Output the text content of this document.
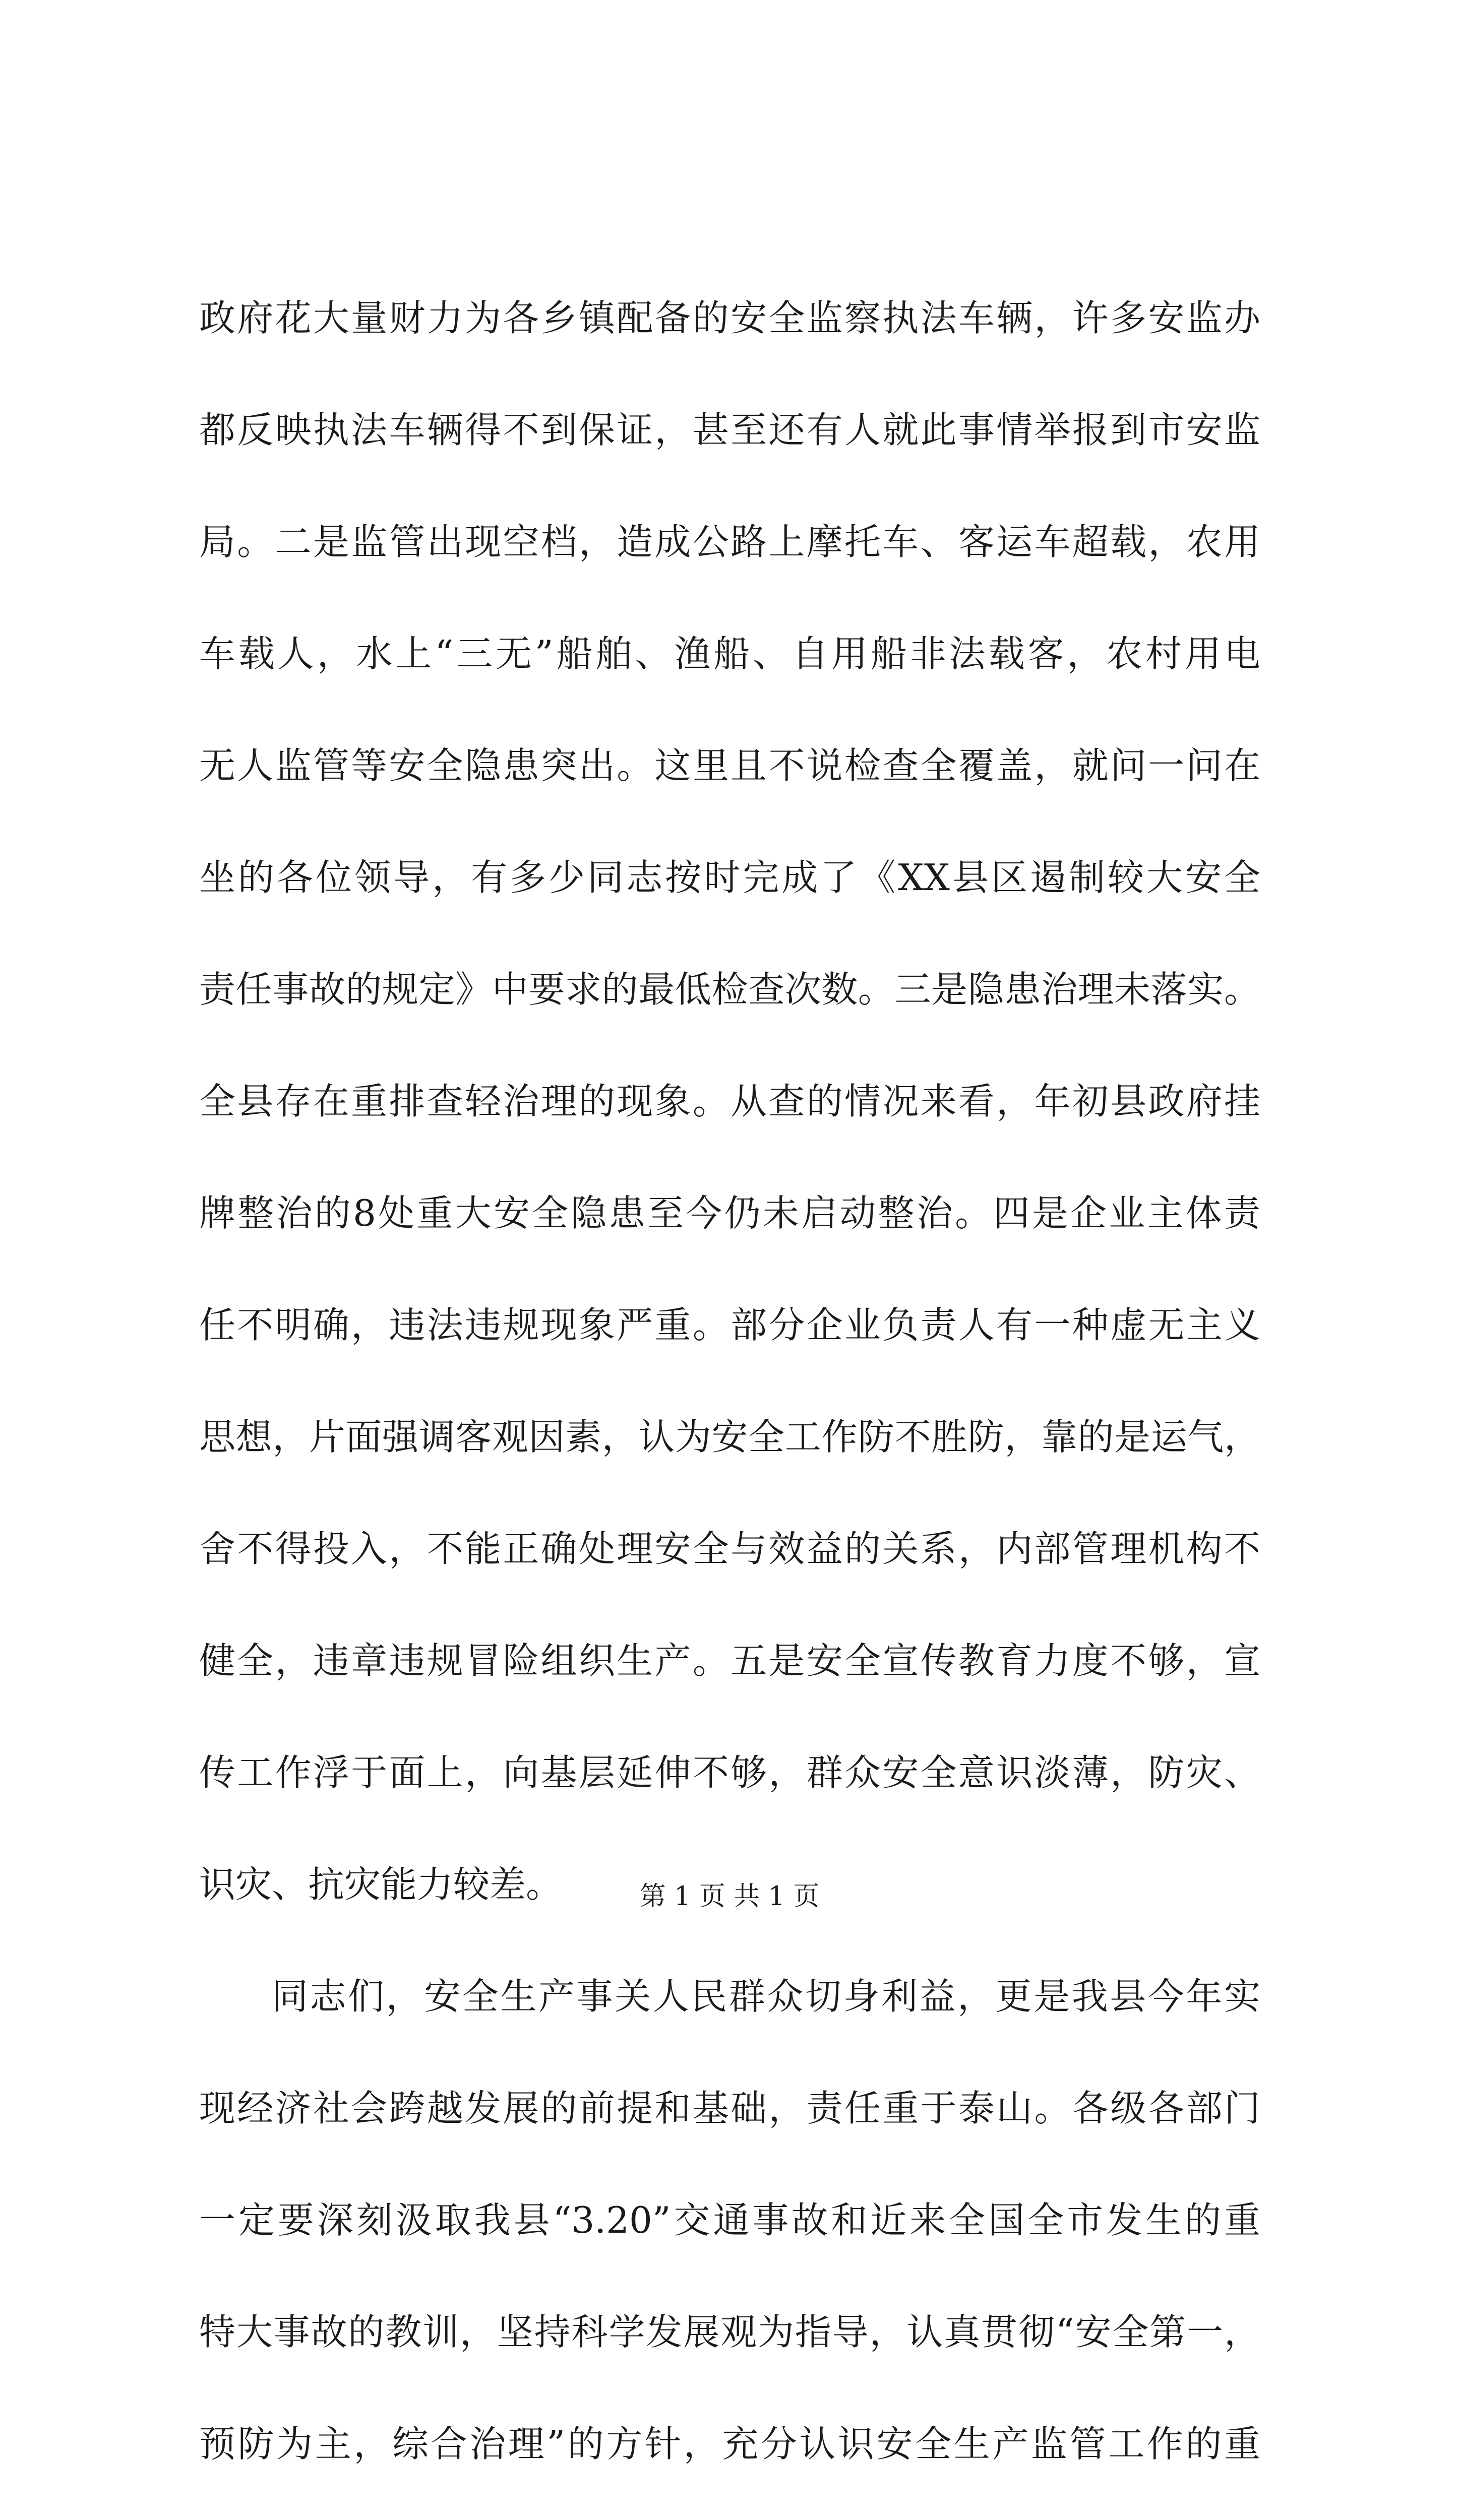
政府花大量财力为各乡镇配备的安全监察执法车辆，许多安监办
都反映执法车辆得不到保证，甚至还有人就此事情举报到市安监
局。二是监管出现空档，造成公路上摩托车、客运车超载，农用
车载人，水上“三无”船舶、渔船、自用船非法载客，农村用电
无人监管等安全隐患突出。这里且不说检查全覆盖，就问一问在
坐的各位领导，有多少同志按时完成了《XX县区遏制较大安全
责任事故的规定》中要求的最低检查次数。三是隐患治理未落实。
全县存在重排查轻治理的现象。从查的情况来看，年初县政府挂
牌整治的8处重大安全隐患至今仍未启动整治。四是企业主体责
任不明确，违法违规现象严重。部分企业负责人有一种虚无主义
思想，片面强调客观因素，认为安全工作防不胜防，靠的是运气，
舍不得投入，不能正确处理安全与效益的关系，内部管理机构不
健全，违章违规冒险组织生产。五是安全宣传教育力度不够，宣
传工作浮于面上，向基层延伸不够，群众安全意识淡薄，防灾、
识灾、抗灾能力较差。
同志们，安全生产事关人民群众切身利益，更是我县今年实
现经济社会跨越发展的前提和基础，责任重于泰山。各级各部门
一定要深刻汲取我县“3.20”交通事故和近来全国全市发生的重
特大事故的教训，坚持科学发展观为指导，认真贯彻“安全第一，
预防为主，综合治理”的方针，充分认识安全生产监管工作的重
第 1 页 共 1 页
